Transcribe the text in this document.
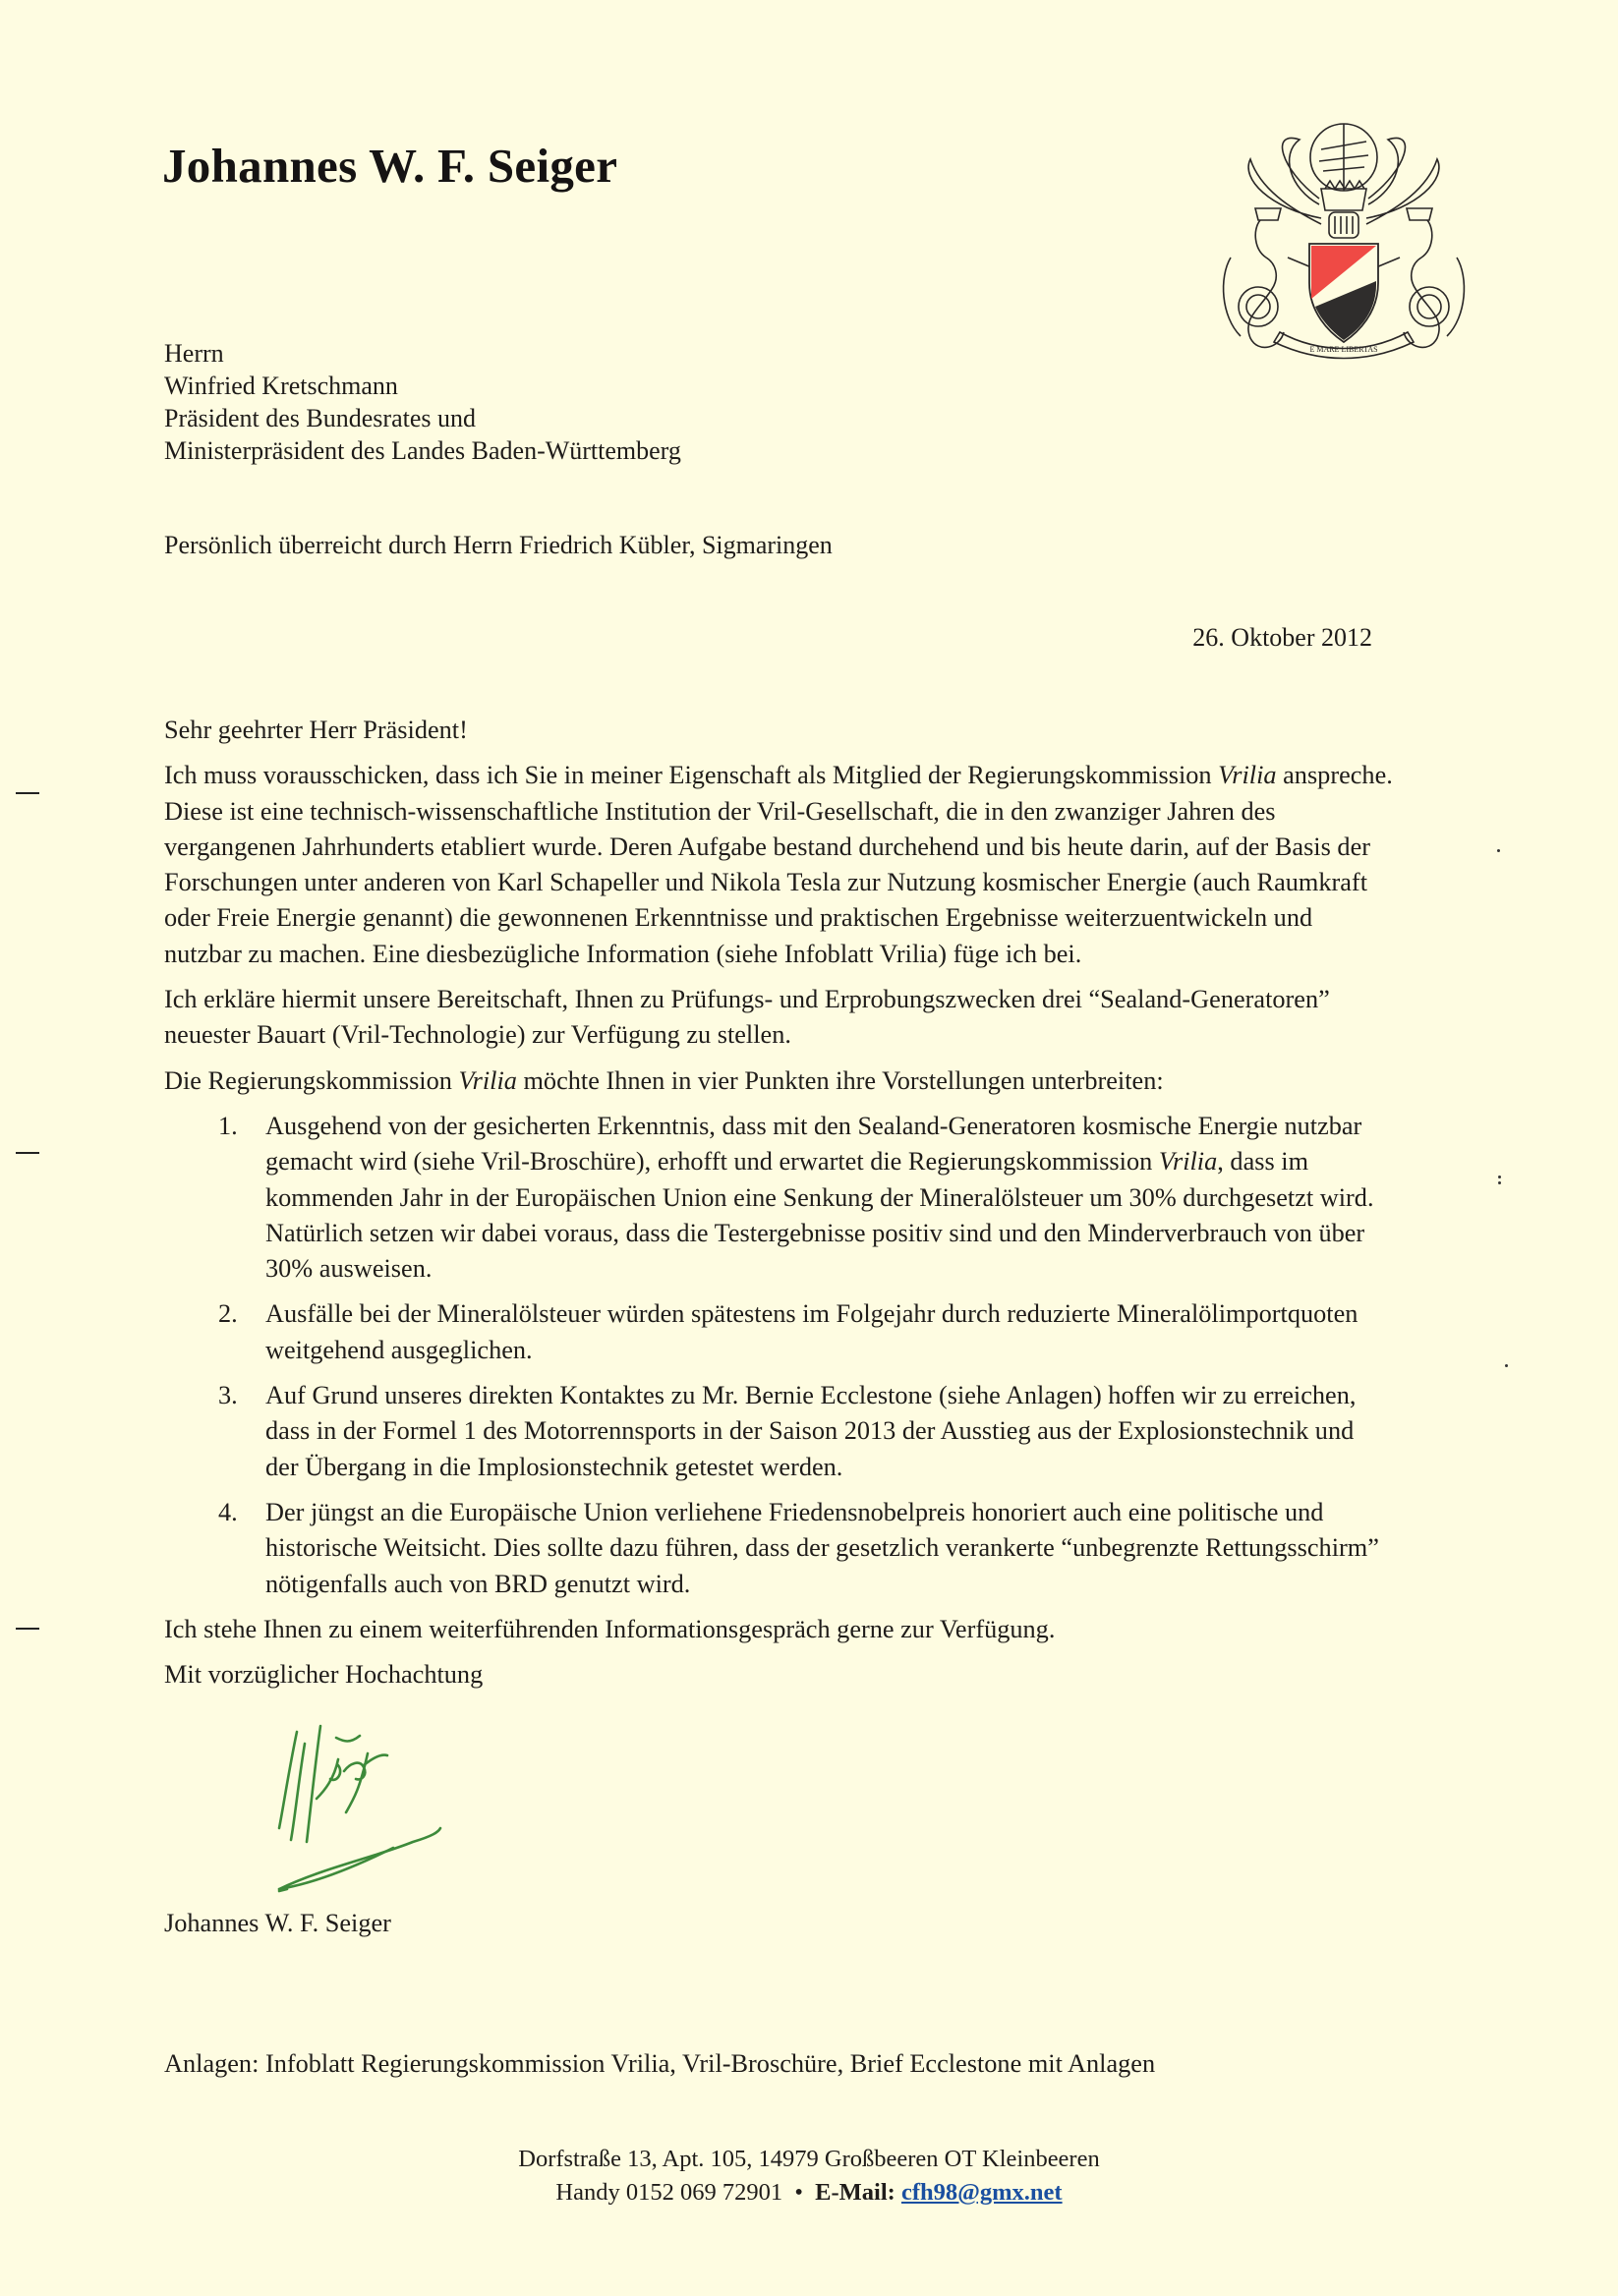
Johannes W. F. Seiger
E MARE LIBERTAS
Herrn
Winfried Kretschmann
Präsident des Bundesrates und
Ministerpräsident des Landes Baden-Württemberg
Persönlich überreicht durch Herrn Friedrich Kübler, Sigmaringen
26. Oktober 2012

Sehr geehrter Herr Präsident!

Ich muss vorausschicken, dass ich Sie in meiner Eigenschaft als Mitglied der Regierungskommission Vrilia anspreche. Diese ist eine technisch-wissenschaftliche Institution der Vril-Gesellschaft, die in den zwanziger Jahren des vergangenen Jahrhunderts etabliert wurde. Deren Aufgabe bestand durchehend und bis heute darin, auf der Basis der Forschungen unter anderen von Karl Schapeller und Nikola Tesla zur Nutzung kosmischer Energie (auch Raumkraft oder Freie Energie genannt) die gewonnenen Erkenntnisse und praktischen Ergebnisse weiterzuentwickeln und nutzbar zu machen. Eine diesbezügliche Information (siehe Infoblatt Vrilia) füge ich bei.

Ich erkläre hiermit unsere Bereitschaft, Ihnen zu Prüfungs- und Erprobungszwecken drei “Sealand-Generatoren” neuester Bauart (Vril-Technologie) zur Verfügung zu stellen.

Die Regierungskommission Vrilia möchte Ihnen in vier Punkten ihre Vorstellungen unterbreiten:

1. Ausgehend von der gesicherten Erkenntnis, dass mit den Sealand-Generatoren kosmische Energie nutzbar gemacht wird (siehe Vril-Broschüre), erhofft und erwartet die Regierungskommission Vrilia, dass im kommenden Jahr in der Europäischen Union eine Senkung der Mineralölsteuer um 30% durchgesetzt wird. Natürlich setzen wir dabei voraus, dass die Testergebnisse positiv sind und den Minderverbrauch von über 30% ausweisen.
2. Ausfälle bei der Mineralölsteuer würden spätestens im Folgejahr durch reduzierte Mineralölimportquoten weitgehend ausgeglichen.
3. Auf Grund unseres direkten Kontaktes zu Mr. Bernie Ecclestone (siehe Anlagen) hoffen wir zu erreichen, dass in der Formel 1 des Motorrennsports in der Saison 2013 der Ausstieg aus der Explosionstechnik und der Übergang in die Implosionstechnik getestet werden.
4. Der jüngst an die Europäische Union verliehene Friedensnobelpreis honoriert auch eine politische und historische Weitsicht. Dies sollte dazu führen, dass der gesetzlich verankerte “unbegrenzte Rettungsschirm” nötigenfalls auch von BRD genutzt wird.

Ich stehe Ihnen zu einem weiterführenden Informationsgespräch gerne zur Verfügung.

Mit vorzüglicher Hochachtung

Johannes W. F. Seiger
Anlagen: Infoblatt Regierungskommission Vrilia, Vril-Broschüre, Brief Ecclestone mit Anlagen
Dorfstraße 13, Apt. 105, 14979 Großbeeren OT Kleinbeeren
Handy 0152 069 72901 • E-Mail: cfh98@gmx.net
